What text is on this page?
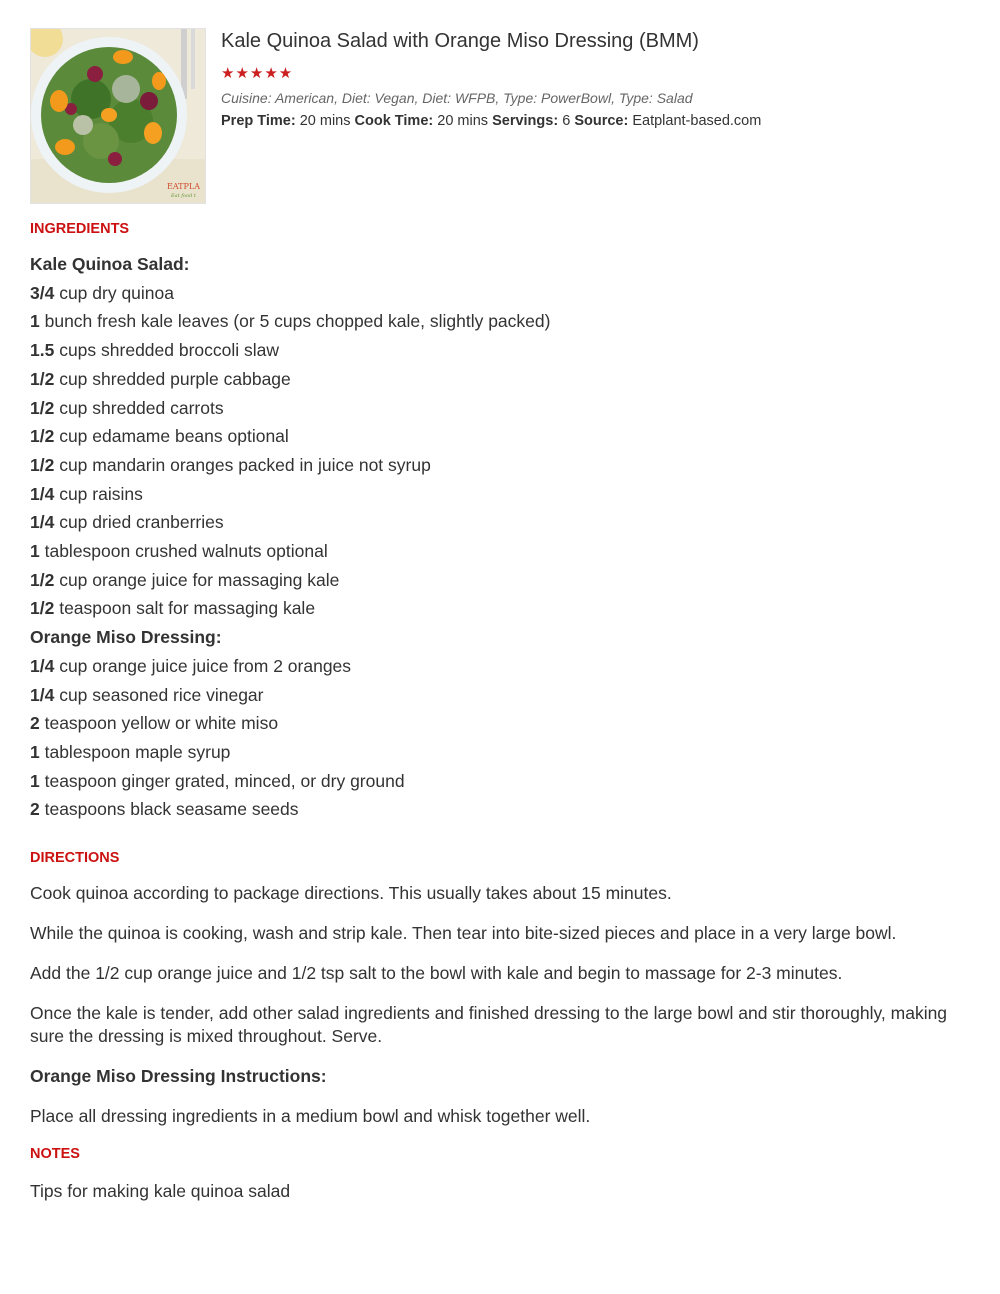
EATPLA
Eat food t
Kale Quinoa Salad with Orange Miso Dressing (BMM)
★★★★★
Cuisine: American, Diet: Vegan, Diet: WFPB, Type: PowerBowl, Type: Salad
Prep Time: 20 mins Cook Time: 20 mins Servings: 6 Source: Eatplant-based.com
INGREDIENTS
Kale Quinoa Salad:
3/4 cup dry quinoa
1 bunch fresh kale leaves (or 5 cups chopped kale, slightly packed)
1.5 cups shredded broccoli slaw
1/2 cup shredded purple cabbage
1/2 cup shredded carrots
1/2 cup edamame beans optional
1/2 cup mandarin oranges packed in juice not syrup
1/4 cup raisins
1/4 cup dried cranberries
1 tablespoon crushed walnuts optional
1/2 cup orange juice for massaging kale
1/2 teaspoon salt for massaging kale
Orange Miso Dressing:
1/4 cup orange juice juice from 2 oranges
1/4 cup seasoned rice vinegar
2 teaspoon yellow or white miso
1 tablespoon maple syrup
1 teaspoon ginger grated, minced, or dry ground
2 teaspoons black seasame seeds
DIRECTIONS

Cook quinoa according to package directions. This usually takes about 15 minutes.

While the quinoa is cooking, wash and strip kale. Then tear into bite-sized pieces and place in a very large bowl.

Add the 1/2 cup orange juice and 1/2 tsp salt to the bowl with kale and begin to massage for 2-3 minutes.

Once the kale is tender, add other salad ingredients and finished dressing to the large bowl and stir thoroughly, making sure the dressing is mixed throughout. Serve.

Orange Miso Dressing Instructions:

Place all dressing ingredients in a medium bowl and whisk together well.

NOTES

Tips for making kale quinoa salad
